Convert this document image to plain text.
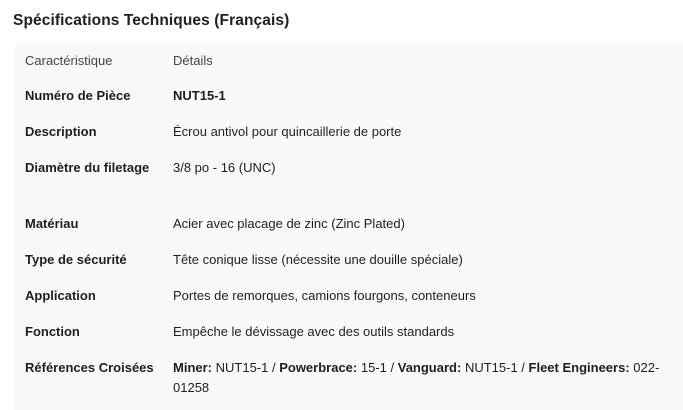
Spécifications Techniques (Français)
Caractéristique	Détails
Numéro de Pièce	NUT15-1
Description	Écrou antivol pour quincaillerie de porte
Diamètre du filetage	3/8 po - 16 (UNC)
Matériau	Acier avec placage de zinc (Zinc Plated)
Type de sécurité	Tête conique lisse (nécessite une douille spéciale)
Application	Portes de remorques, camions fourgons, conteneurs
Fonction	Empêche le dévissage avec des outils standards
Références Croisées	Miner: NUT15-1 / Powerbrace: 15-1 / Vanguard: NUT15-1 / Fleet Engineers: 022-01258
